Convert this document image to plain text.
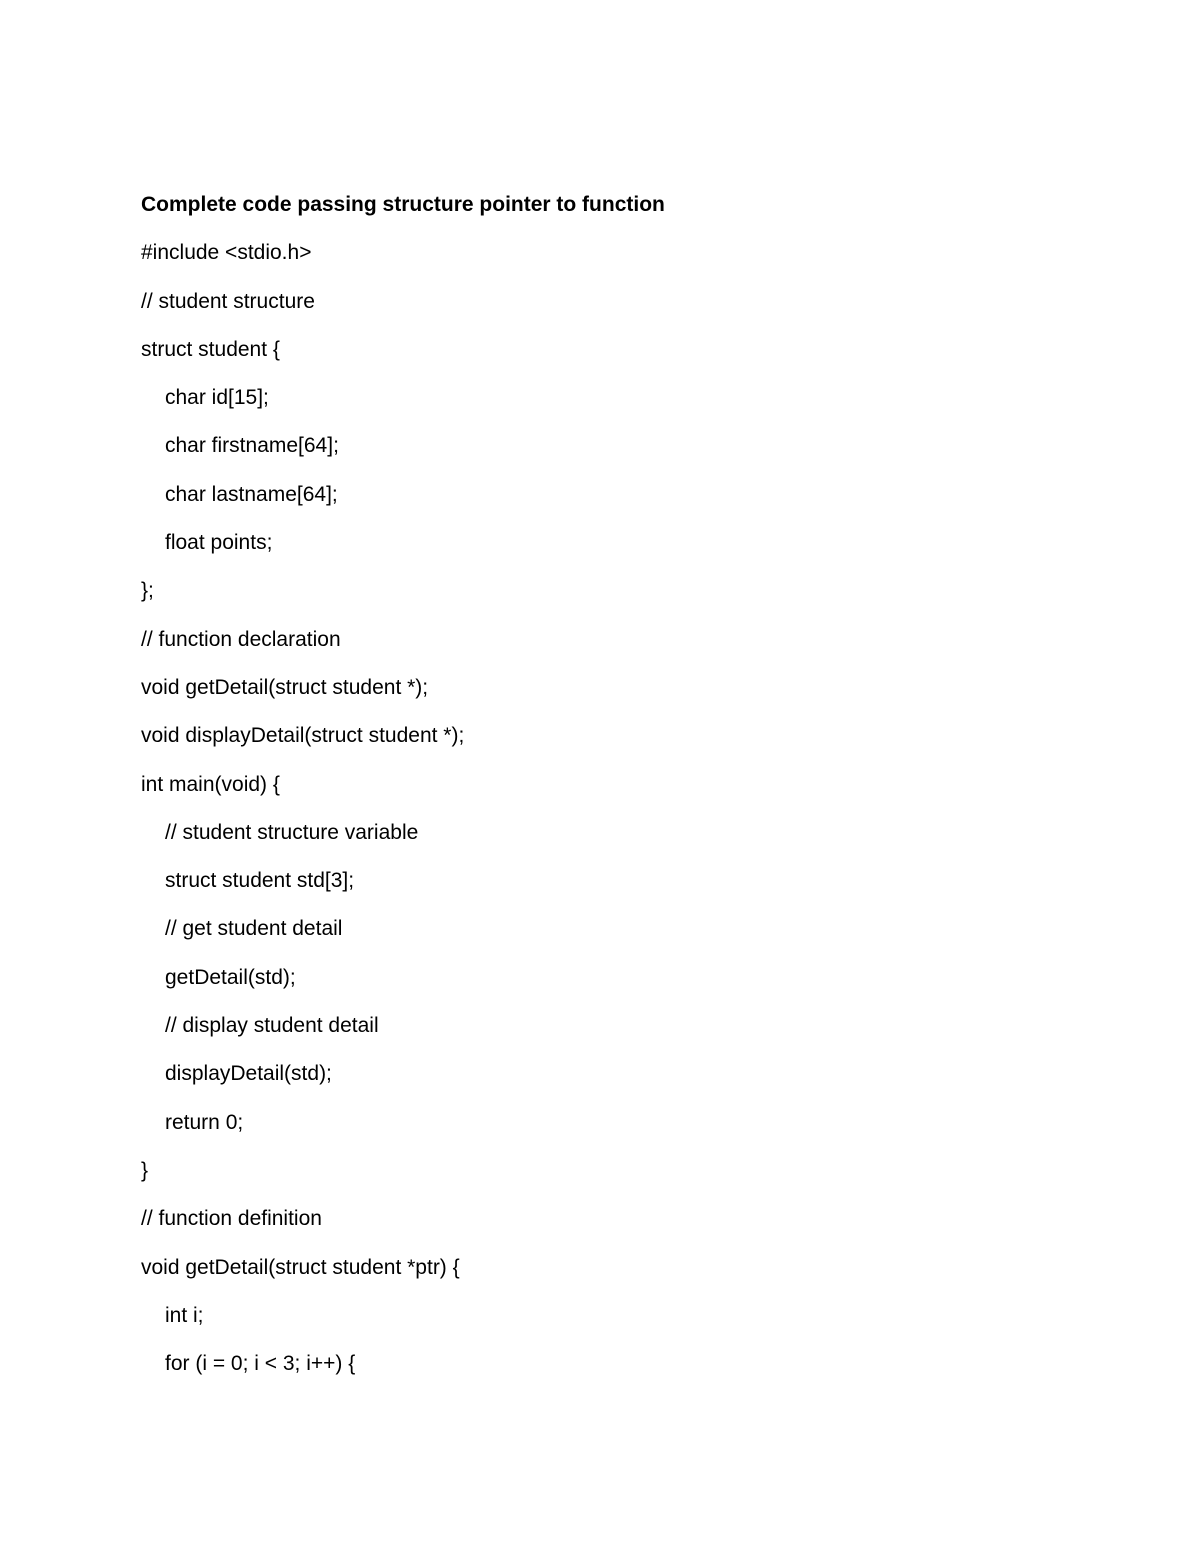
Complete code passing structure pointer to function
#include <stdio.h>
// student structure
struct student {
char id[15];
char firstname[64];
char lastname[64];
float points;
};
// function declaration
void getDetail(struct student *);
void displayDetail(struct student *);
int main(void) {
// student structure variable
struct student std[3];
// get student detail
getDetail(std);
// display student detail
displayDetail(std);
return 0;
}
// function definition
void getDetail(struct student *ptr) {
int i;
for (i = 0; i < 3; i++) {
